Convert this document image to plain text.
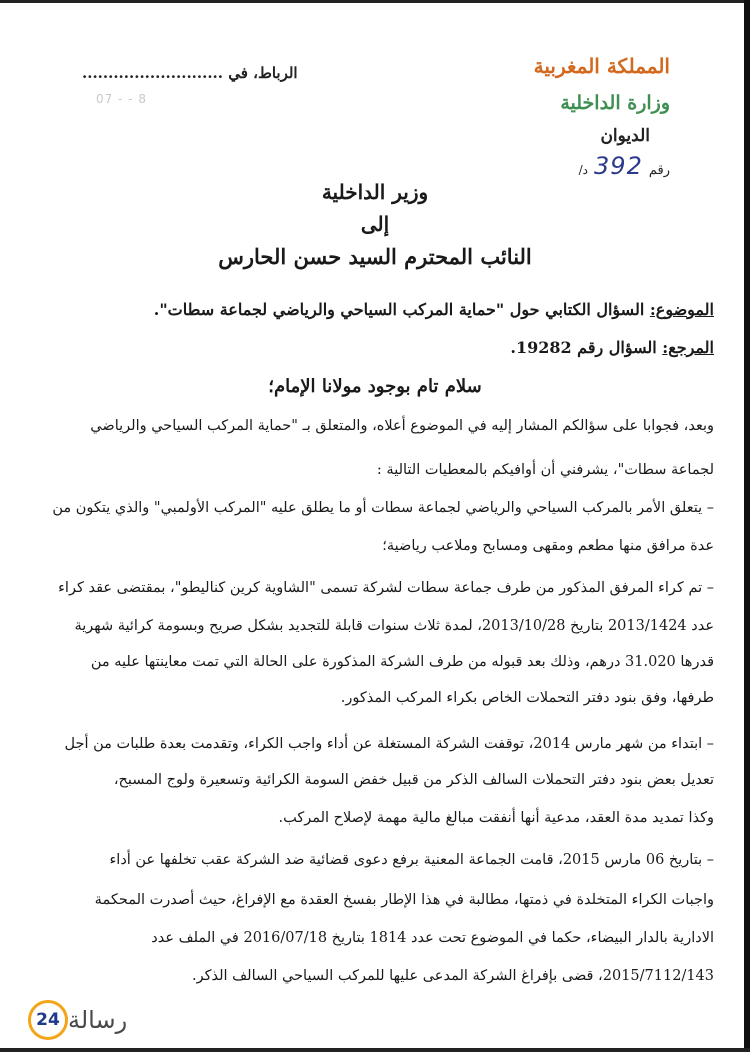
المملكة المغربية
وزارة الداخلية
الديوان
رقم
392
د/
الرباط، في ...........................
07 - - 8
وزير الداخلية
إلى
النائب المحترم السيد حسن الحارس
الموضوع: السؤال الكتابي حول "حماية المركب السياحي والرياضي لجماعة سطات".
المرجع: السؤال رقم 19282.
سلام تام بوجود مولانا الإمام؛
وبعد، فجوابا على سؤالكم المشار إليه في الموضوع أعلاه، والمتعلق بـ "حماية المركب السياحي والرياضي
لجماعة سطات"، يشرفني أن أوافيكم بالمعطيات التالية :
– يتعلق الأمر بالمركب السياحي والرياضي لجماعة سطات أو ما يطلق عليه "المركب الأولمبي" والذي يتكون من
عدة مرافق منها مطعم ومقهى ومسابح وملاعب رياضية؛
– تم كراء المرفق المذكور من طرف جماعة سطات لشركة تسمى "الشاوية كرين كناليطو"، بمقتضى عقد كراء
عدد 2013/1424 بتاريخ 2013/10/28، لمدة ثلاث سنوات قابلة للتجديد بشكل صريح وبسومة كرائية شهرية
قدرها 31.020 درهم، وذلك بعد قبوله من طرف الشركة المذكورة على الحالة التي تمت معاينتها عليه من
طرفها، وفق بنود دفتر التحملات الخاص بكراء المركب المذكور.
– ابتداء من شهر مارس 2014، توقفت الشركة المستغلة عن أداء واجب الكراء، وتقدمت بعدة طلبات من أجل
تعديل بعض بنود دفتر التحملات السالف الذكر من قبيل خفض السومة الكرائية وتسعيرة ولوج المسبح،
وكذا تمديد مدة العقد، مدعية أنها أنفقت مبالغ مالية مهمة لإصلاح المركب.
– بتاريخ 06 مارس 2015، قامت الجماعة المعنية برفع دعوى قضائية ضد الشركة عقب تخلفها عن أداء
واجبات الكراء المتخلدة في ذمتها، مطالبة في هذا الإطار بفسخ العقدة مع الإفراغ، حيث أصدرت المحكمة
الادارية بالدار البيضاء، حكما في الموضوع تحت عدد 1814 بتاريخ 2016/07/18 في الملف عدد
2015/7112/143، قضى بإفراغ الشركة المدعى عليها للمركب السياحي السالف الذكر.
24 رسالة
